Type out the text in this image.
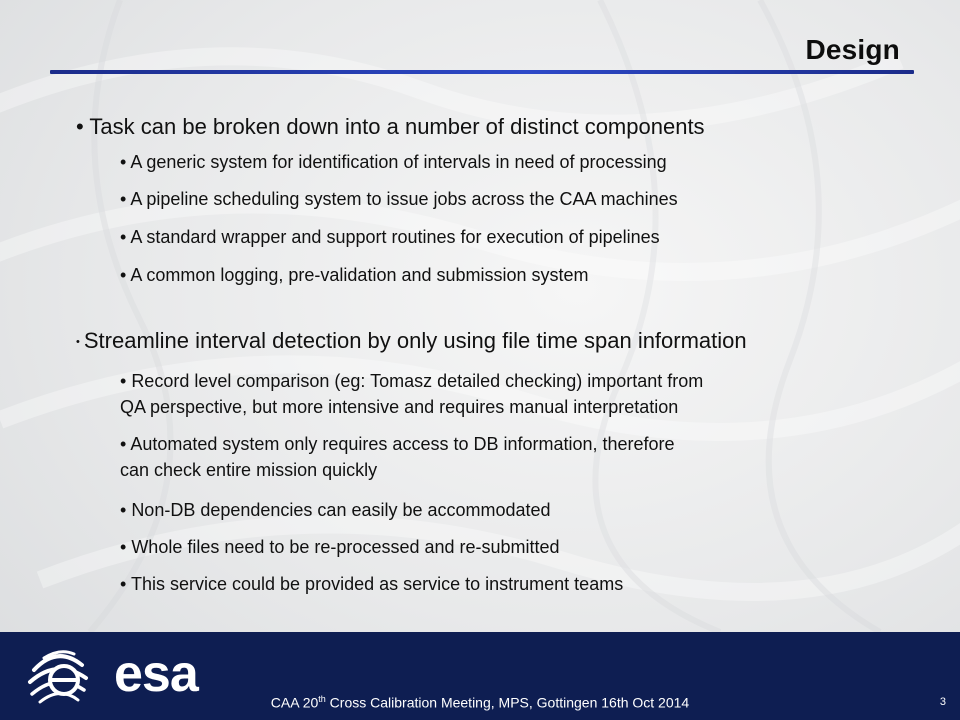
Design
• Task can be broken down into a number of distinct components
• A generic system for identification of intervals in need of processing
• A pipeline scheduling system to issue jobs across the CAA machines
• A standard wrapper and support routines for execution of pipelines
• A common logging, pre-validation and submission system
• Streamline interval detection by only using file time span information
• Record level comparison (eg: Tomasz detailed checking) important from
QA perspective, but more intensive and requires manual interpretation
• Automated system only requires access to DB information, therefore
can check entire mission quickly
• Non-DB dependencies can easily be accommodated
• Whole files need to be re-processed and re-submitted
• This service could be provided as service to instrument teams
esa	CAA 20th Cross Calibration Meeting, MPS, Gottingen 16th Oct 2014	3
